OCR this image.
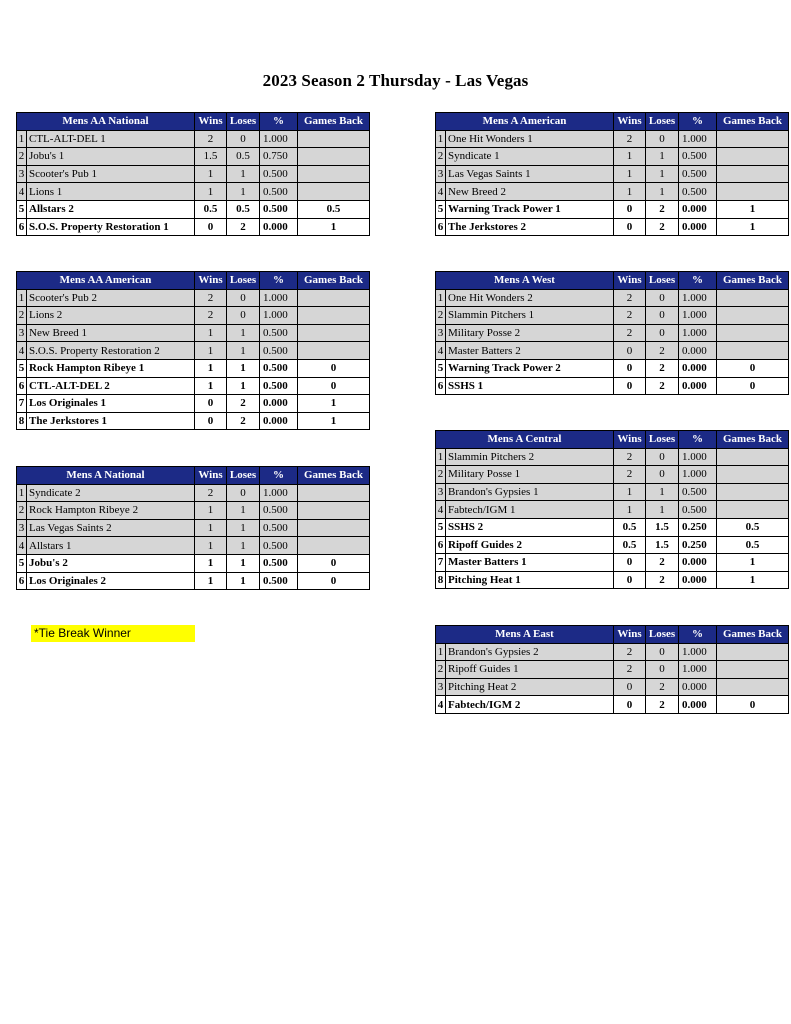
2023 Season 2 Thursday - Las Vegas
Mens AA National		Wins	Loses	%	Games Back
1	CTL-ALT-DEL 1	2	0	1.000	
2	Jobu's 1	1.5	0.5	0.750	
3	Scooter's Pub 1	1	1	0.500	
4	Lions 1	1	1	0.500	
5	Allstars 2	0.5	0.5	0.500	0.5
6	S.O.S. Property Restoration 1	0	2	0.000	1
Mens AA American		Wins	Loses	%	Games Back
1	Scooter's Pub 2	2	0	1.000	
2	Lions 2	2	0	1.000	
3	New Breed 1	1	1	0.500	
4	S.O.S. Property Restoration 2	1	1	0.500	
5	Rock Hampton Ribeye 1	1	1	0.500	0
6	CTL-ALT-DEL 2	1	1	0.500	0
7	Los Originales 1	0	2	0.000	1
8	The Jerkstores 1	0	2	0.000	1
Mens A National		Wins	Loses	%	Games Back
1	Syndicate 2	2	0	1.000	
2	Rock Hampton Ribeye 2	1	1	0.500	
3	Las Vegas Saints 2	1	1	0.500	
4	Allstars 1	1	1	0.500	
5	Jobu's 2	1	1	0.500	0
6	Los Originales 2	1	1	0.500	0
Mens A American		Wins	Loses	%	Games Back
1	One Hit Wonders 1	2	0	1.000	
2	Syndicate 1	1	1	0.500	
3	Las Vegas Saints 1	1	1	0.500	
4	New Breed 2	1	1	0.500	
5	Warning Track Power 1	0	2	0.000	1
6	The Jerkstores 2	0	2	0.000	1
Mens A West		Wins	Loses	%	Games Back
1	One Hit Wonders 2	2	0	1.000	
2	Slammin Pitchers 1	2	0	1.000	
3	Military Posse 2	2	0	1.000	
4	Master Batters 2	0	2	0.000	
5	Warning Track Power 2	0	2	0.000	0
6	SSHS 1	0	2	0.000	0
Mens A Central		Wins	Loses	%	Games Back
1	Slammin Pitchers 2	2	0	1.000	
2	Military Posse 1	2	0	1.000	
3	Brandon's Gypsies 1	1	1	0.500	
4	Fabtech/IGM 1	1	1	0.500	
5	SSHS 2	0.5	1.5	0.250	0.5
6	Ripoff Guides 2	0.5	1.5	0.250	0.5
7	Master Batters 1	0	2	0.000	1
8	Pitching Heat 1	0	2	0.000	1
Mens A East		Wins	Loses	%	Games Back
1	Brandon's Gypsies 2	2	0	1.000	
2	Ripoff Guides 1	2	0	1.000	
3	Pitching Heat 2	0	2	0.000	
4	Fabtech/IGM 2	0	2	0.000	0
*Tie Break Winner
